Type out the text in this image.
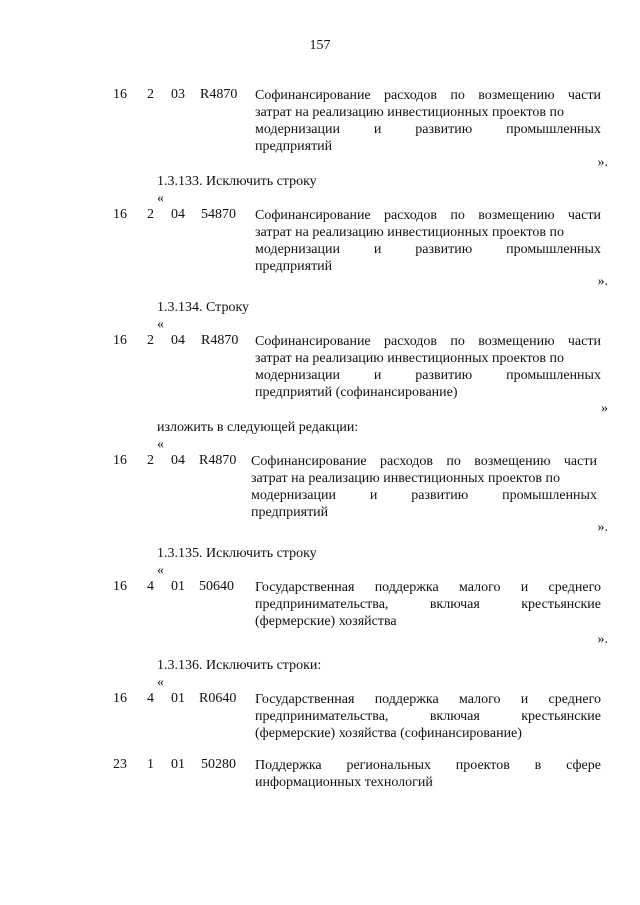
157
16 2 03 R4870 Софинансирование расходов по возмещению части
затрат на реализацию инвестиционных проектов по
модернизации и развитию промышленных
предприятий
».
1.3.133. Исключить строку
«
16 2 04 54870 Софинансирование расходов по возмещению части
затрат на реализацию инвестиционных проектов по
модернизации и развитию промышленных
предприятий
».
1.3.134. Строку
«
16 2 04 R4870 Софинансирование расходов по возмещению части
затрат на реализацию инвестиционных проектов по
модернизации и развитию промышленных
предприятий (софинансирование)
»
изложить в следующей редакции:
«
16 2 04 R4870 Софинансирование расходов по возмещению части
затрат на реализацию инвестиционных проектов по
модернизации и развитию промышленных
предприятий
».
1.3.135. Исключить строку
«
16 4 01 50640 Государственная поддержка малого и среднего
предпринимательства,	включая	крестьянские
(фермерские) хозяйства
».
1.3.136. Исключить строки:
«
16 4 01 R0640 Государственная поддержка малого и среднего
предпринимательства,	включая	крестьянские
(фермерские) хозяйства (софинансирование)
23 1 01 50280 Поддержка региональных проектов в сфере
информационных технологий
